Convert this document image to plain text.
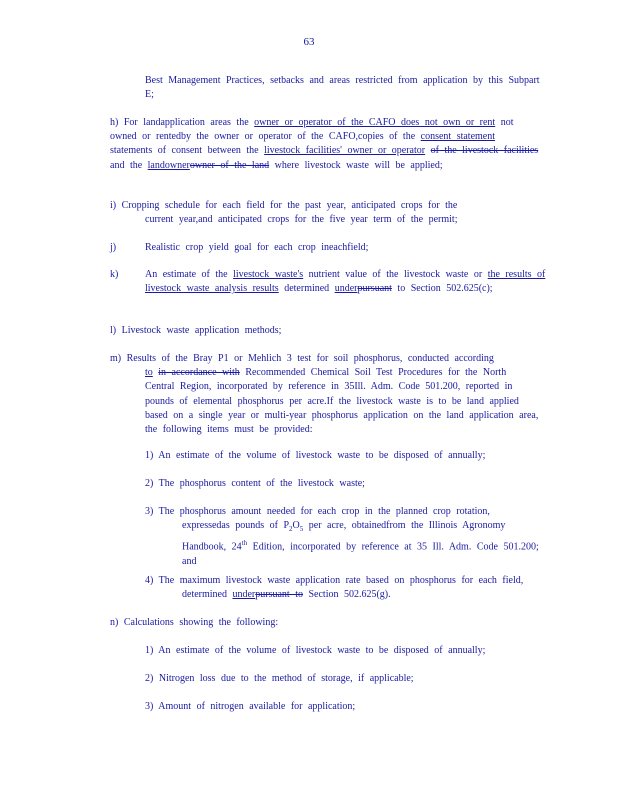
63
Best Management Practices, setbacks and areas restricted from application by this Subpart E;
h) For landapplication areas the owner or operator of the CAFO does not own or rent not owned or rentedby the owner or operator of the CAFO,copies of the consent statement statements of consent between the livestock facilities' owner or operator of the livestock facilities and the landownerowner of the land where livestock waste will be applied;
i) Cropping schedule for each field for the past year, anticipated crops for the
current year,and anticipated crops for the five year term of the permit;
j)	Realistic crop yield goal for each crop ineachfield;
k)	An estimate of the livestock waste's nutrient value of the livestock waste or the results of livestock waste analysis results determined underpursuant to Section 502.625(c);
l) Livestock waste application methods;
m) Results of the Bray P1 or Mehlich 3 test for soil phosphorus, conducted according
to in accordance with Recommended Chemical Soil Test Procedures for the North Central Region, incorporated by reference in 35Ill. Adm. Code 501.200, reported in pounds of elemental phosphorus per acre.If the livestock waste is to be land applied based on a single year or multi-year phosphorus application on the land application area, the following items must be provided:
1) An estimate of the volume of livestock waste to be disposed of annually;
2) The phosphorus content of the livestock waste;
3) The phosphorus amount needed for each crop in the planned crop rotation, expressedas pounds of $P_2O_5$ per acre, obtainedfrom the Illinois Agronomy Handbook, 24th Edition, incorporated by reference at 35 Ill. Adm. Code 501.200; and
4) The maximum livestock waste application rate based on phosphorus for each field, determined underpursuant to Section 502.625(g).
n) Calculations showing the following:
1) An estimate of the volume of livestock waste to be disposed of annually;
2) Nitrogen loss due to the method of storage, if applicable;
3) Amount of nitrogen available for application;
